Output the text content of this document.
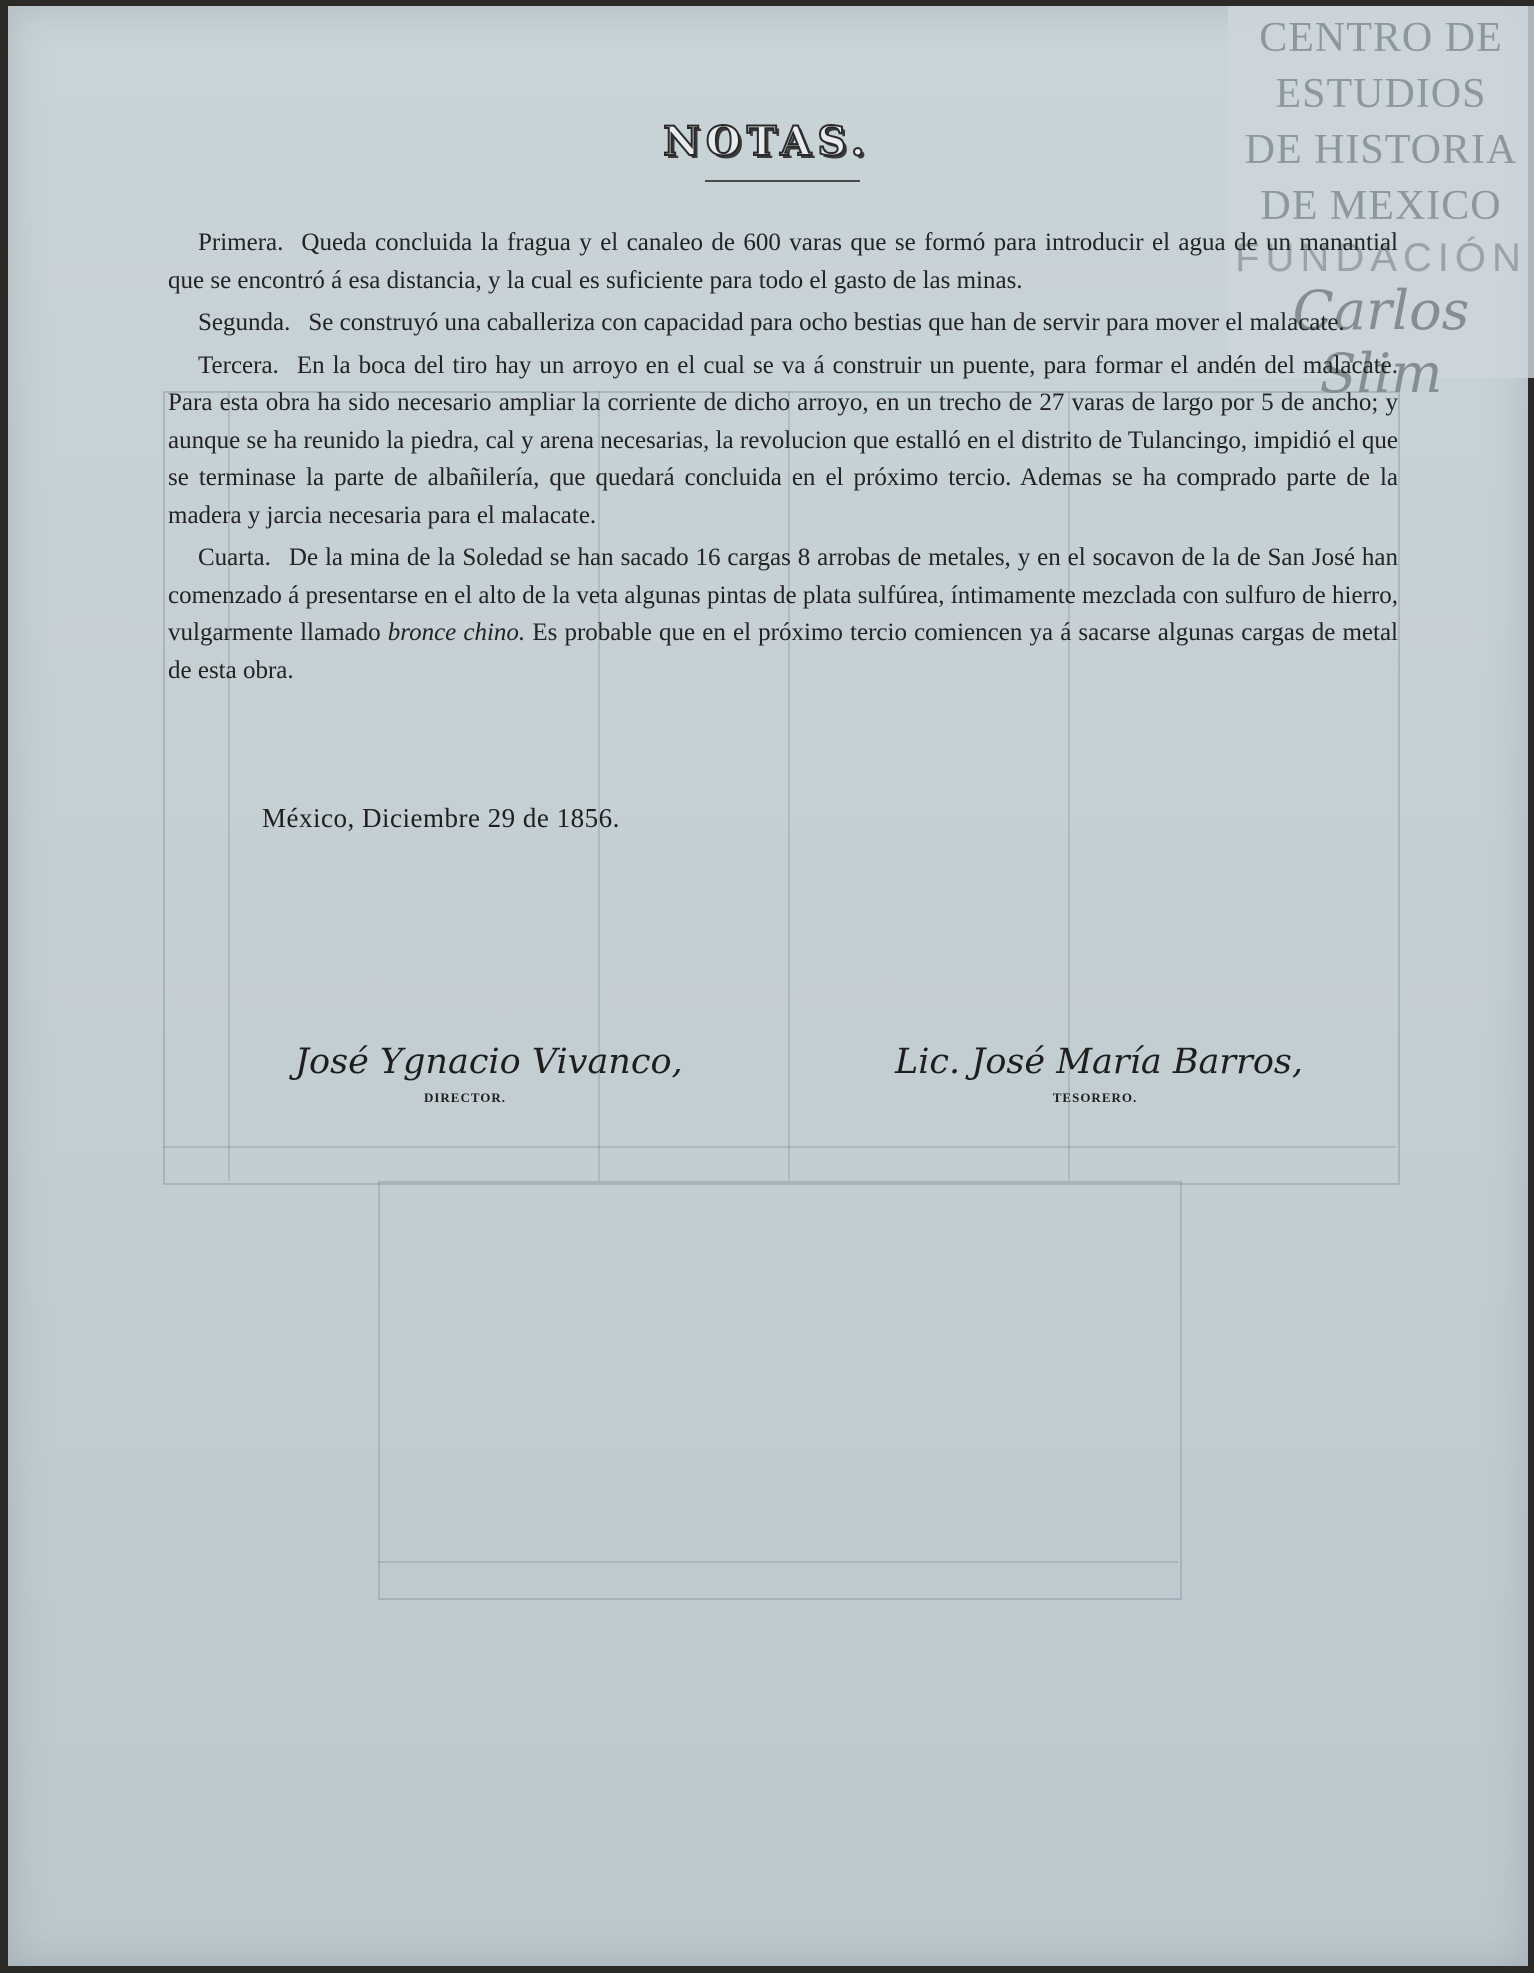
CENTRO DE
ESTUDIOS
DE HISTORIA
DE MEXICO
FUNDACIÓN
Carlos Slim
NOTAS.

Primera. Queda concluida la fragua y el canaleo de 600 varas que se formó para introducir el agua de un manantial que se encontró á esa distancia, y la cual es suficiente para todo el gasto de las minas.

Segunda. Se construyó una caballeriza con capacidad para ocho bestias que han de servir para mover el malacate.

Tercera. En la boca del tiro hay un arroyo en el cual se va á construir un puente, para formar el andén del malacate. Para esta obra ha sido necesario ampliar la corriente de dicho arroyo, en un trecho de 27 varas de largo por 5 de ancho; y aunque se ha reunido la piedra, cal y arena necesarias, la revolucion que estalló en el distrito de Tulancingo, impidió el que se terminase la parte de albañilería, que quedará concluida en el próximo tercio. Ademas se ha comprado parte de la madera y jarcia necesaria para el malacate.

Cuarta. De la mina de la Soledad se han sacado 16 cargas 8 arrobas de metales, y en el socavon de la de San José han comenzado á presentarse en el alto de la veta algunas pintas de plata sulfúrea, íntimamente mezclada con sulfuro de hierro, vulgarmente llamado bronce chino. Es probable que en el próximo tercio comiencen ya á sacarse algunas cargas de metal de esta obra.

México, Diciembre 29 de 1856.
José Ygnacio Vivanco,
DIRECTOR.
Lic. José María Barros,
TESORERO.
